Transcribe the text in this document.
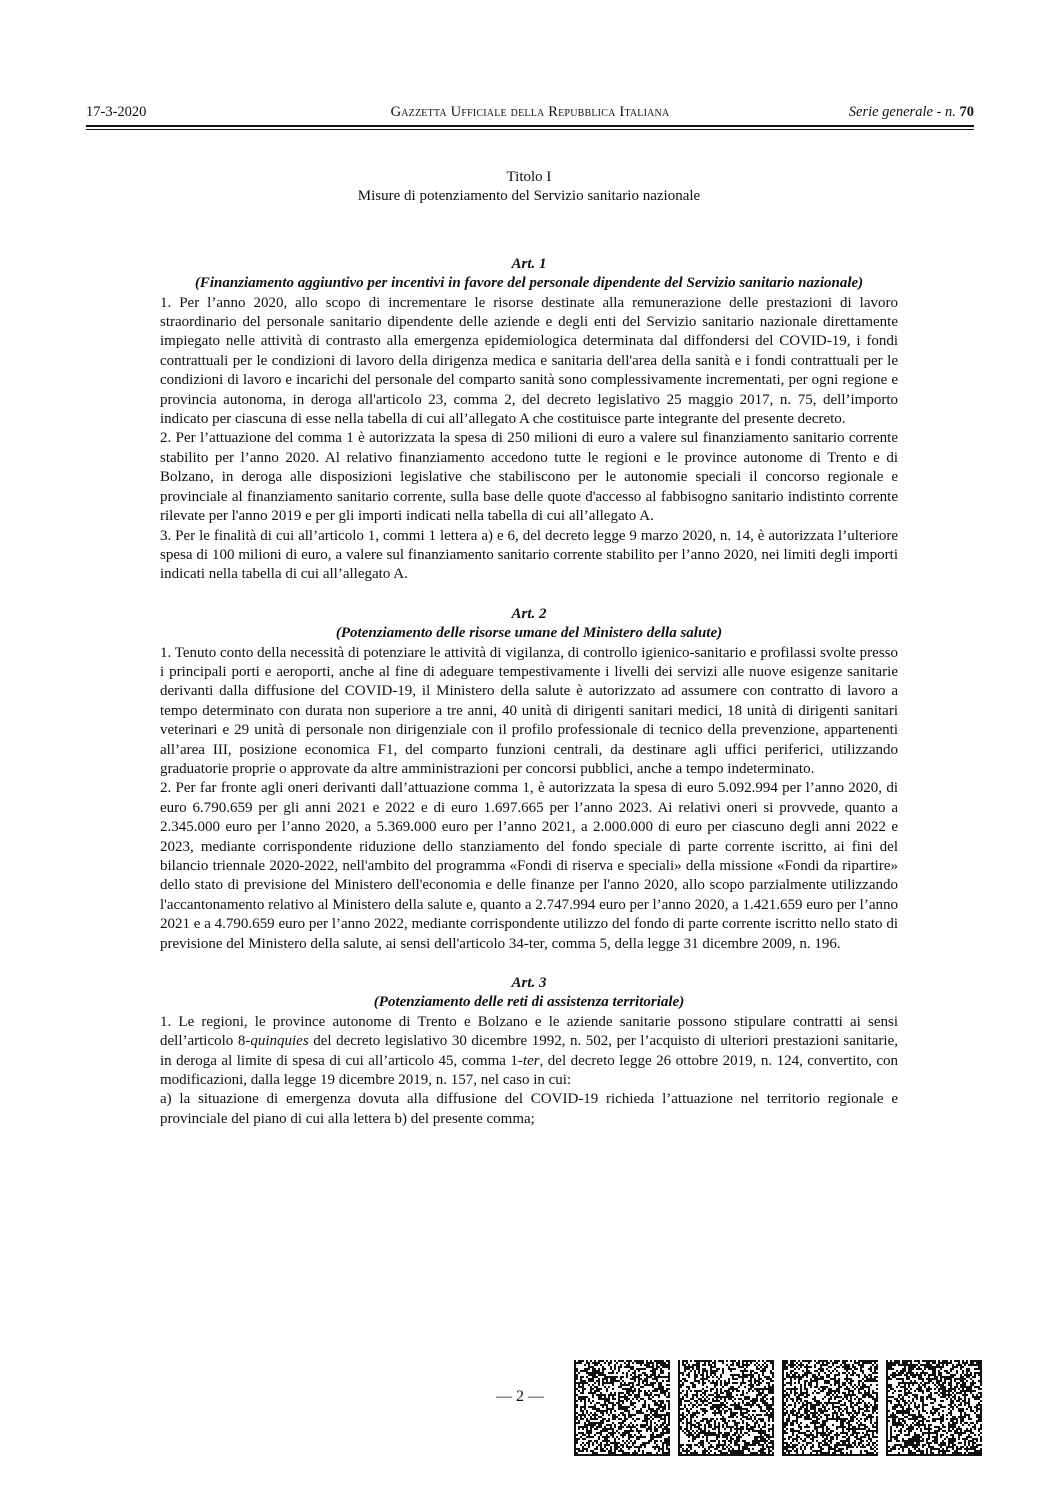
17-3-2020	Gazzetta Ufficiale della Repubblica Italiana	Serie generale - n. 70

Titolo I

Misure di potenziamento del Servizio sanitario nazionale

Art. 1

(Finanziamento aggiuntivo per incentivi in favore del personale dipendente del Servizio sanitario nazionale)

1. Per l’anno 2020, allo scopo di incrementare le risorse destinate alla remunerazione delle prestazioni di lavoro straordinario del personale sanitario dipendente delle aziende e degli enti del Servizio sanitario nazionale direttamente impiegato nelle attività di contrasto alla emergenza epidemiologica determinata dal diffondersi del COVID-19, i fondi contrattuali per le condizioni di lavoro della dirigenza medica e sanitaria dell'area della sanità e i fondi contrattuali per le condizioni di lavoro e incarichi del personale del comparto sanità sono complessivamente incrementati, per ogni regione e provincia autonoma, in deroga all'articolo 23, comma 2, del decreto legislativo 25 maggio 2017, n. 75, dell’importo indicato per ciascuna di esse nella tabella di cui all’allegato A che costituisce parte integrante del presente decreto.

2. Per l’attuazione del comma 1 è autorizzata la spesa di 250 milioni di euro a valere sul finanziamento sanitario corrente stabilito per l’anno 2020. Al relativo finanziamento accedono tutte le regioni e le province autonome di Trento e di Bolzano, in deroga alle disposizioni legislative che stabiliscono per le autonomie speciali il concorso regionale e provinciale al finanziamento sanitario corrente, sulla base delle quote d'accesso al fabbisogno sanitario indistinto corrente rilevate per l'anno 2019 e per gli importi indicati nella tabella di cui all’allegato A.

3. Per le finalità di cui all’articolo 1, commi 1 lettera a) e 6, del decreto legge 9 marzo 2020, n. 14, è autorizzata l’ulteriore spesa di 100 milioni di euro, a valere sul finanziamento sanitario corrente stabilito per l’anno 2020, nei limiti degli importi indicati nella tabella di cui all’allegato A.

Art. 2

(Potenziamento delle risorse umane del Ministero della salute)

1. Tenuto conto della necessità di potenziare le attività di vigilanza, di controllo igienico-sanitario e profilassi svolte presso i principali porti e aeroporti, anche al fine di adeguare tempestivamente i livelli dei servizi alle nuove esigenze sanitarie derivanti dalla diffusione del COVID-19, il Ministero della salute è autorizzato ad assumere con contratto di lavoro a tempo determinato con durata non superiore a tre anni, 40 unità di dirigenti sanitari medici, 18 unità di dirigenti sanitari veterinari e 29 unità di personale non dirigenziale con il profilo professionale di tecnico della prevenzione, appartenenti all’area III, posizione economica F1, del comparto funzioni centrali, da destinare agli uffici periferici, utilizzando graduatorie proprie o approvate da altre amministrazioni per concorsi pubblici, anche a tempo indeterminato.

2. Per far fronte agli oneri derivanti dall’attuazione comma 1, è autorizzata la spesa di euro 5.092.994 per l’anno 2020, di euro 6.790.659 per gli anni 2021 e 2022 e di euro 1.697.665 per l’anno 2023. Ai relativi oneri si provvede, quanto a 2.345.000 euro per l’anno 2020, a 5.369.000 euro per l’anno 2021, a 2.000.000 di euro per ciascuno degli anni 2022 e 2023, mediante corrispondente riduzione dello stanziamento del fondo speciale di parte corrente iscritto, ai fini del bilancio triennale 2020-2022, nell'ambito del programma «Fondi di riserva e speciali» della missione «Fondi da ripartire» dello stato di previsione del Ministero dell'economia e delle finanze per l'anno 2020, allo scopo parzialmente utilizzando l'accantonamento relativo al Ministero della salute e, quanto a 2.747.994 euro per l’anno 2020, a 1.421.659 euro per l’anno 2021 e a 4.790.659 euro per l’anno 2022, mediante corrispondente utilizzo del fondo di parte corrente iscritto nello stato di previsione del Ministero della salute, ai sensi dell'articolo 34-ter, comma 5, della legge 31 dicembre 2009, n. 196.

Art. 3

(Potenziamento delle reti di assistenza territoriale)

1. Le regioni, le province autonome di Trento e Bolzano e le aziende sanitarie possono stipulare contratti ai sensi dell’articolo 8-quinquies del decreto legislativo 30 dicembre 1992, n. 502, per l’acquisto di ulteriori prestazioni sanitarie, in deroga al limite di spesa di cui all’articolo 45, comma 1-ter, del decreto legge 26 ottobre 2019, n. 124, convertito, con modificazioni, dalla legge 19 dicembre 2019, n. 157, nel caso in cui:

a) la situazione di emergenza dovuta alla diffusione del COVID-19 richieda l’attuazione nel territorio regionale e provinciale del piano di cui alla lettera b) del presente comma;

— 2 —
